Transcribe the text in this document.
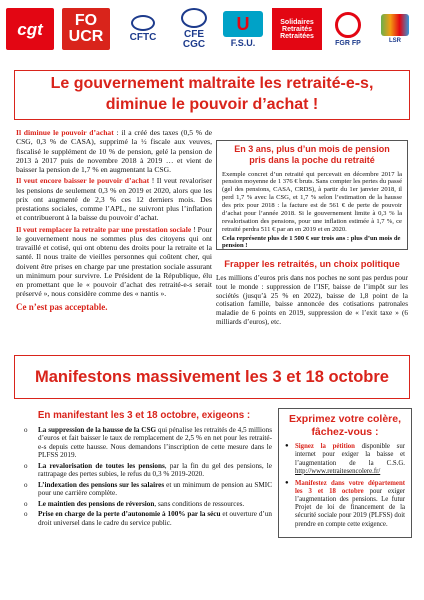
cgt	FO UCR	CFTC	CFE CGC
U
F.S.U.
Solidaires Retraités Retraitées
FGR FP	LSR
Le gouvernement maltraite les retraité-e-s,
diminue le pouvoir d’achat !

Il diminue le pouvoir d’achat : il a créé des taxes (0,5 % de CSG, 0,3 % de CASA), supprimé la ½ fiscale aux veuves, fiscalisé le supplément de 10 % de pension, gelé la pension de 2013 à 2017 puis de novembre 2018 à 2019 … et vient de baisser la pension de 1,7 % en augmentant la CSG.

Il veut encore baisser le pouvoir d’achat ! Il veut revaloriser les pensions de seulement 0,3 % en 2019 et 2020, alors que les prix ont augmenté de 2,3 % ces 12 derniers mois. Des prestations sociales, comme l’APL, ne suivront plus l’inflation et contribueront à la baisse du pouvoir d’achat.

Il veut remplacer la retraite par une prestation sociale ! Pour le gouvernement nous ne sommes plus des citoyens qui ont travaillé et cotisé, qui ont obtenu des droits pour la retraite et la santé. Il nous traite de vieilles personnes qui coûtent cher, qui doivent être prises en charge par une prestation sociale assurant un minimum pour survivre. Le Président de la République, élu en promettant que le « pouvoir d’achat des retraité-e-s serait préservé », nous considère comme des « nantis ».

Ce n’est pas acceptable.
En 3 ans, plus d’un mois de pension
pris dans la poche du retraité
Exemple concret d’un retraité qui percevait en décembre 2017 la pension moyenne de 1 376 € bruts. Sans compter les pertes du passé (gel des pensions, CASA, CRDS), à partir du 1er janvier 2018, il perd 1,7 % avec la CSG, et 1,7 % selon l’estimation de la hausse des prix pour 2018 : la facture est de 561 € de perte de pouvoir d’achat pour l’année 2018. Si le gouvernement limite à 0,3 % la revalorisation des pensions, pour une inflation estimée à 1,7 %, ce retraité perdra 511 € par an en 2019 et en 2020.
Cela représente plus de 1 500 € sur trois ans : plus d’un mois de pension !
Frapper les retraités, un choix politique
Les millions d’euros pris dans nos poches ne sont pas perdus pour tout le monde : suppression de l’ISF, baisse de l’impôt sur les sociétés (jusqu’à 25 % en 2022), baisse de 1,8 point de la cotisation famille, baisse annoncée des cotisations patronales maladie de 6 points en 2019, suppression de « l’exit taxe » (6 milliards d’euros), etc.
Manifestons massivement les 3 et 18 octobre
En manifestant les 3 et 18 octobre, exigeons :
o	La suppression de la hausse de la CSG qui pénalise les retraités de 4,5 millions d’euros et fait baisser le taux de remplacement de 2,5 % en net pour les retraité-e-s depuis cette hausse. Nous demandons l’inscription de cette mesure dans le PLFSS 2019.
o	La revalorisation de toutes les pensions, par la fin du gel des pensions, le rattrapage des pertes subies, le refus du 0,3 % 2019-2020.
o	L’indexation des pensions sur les salaires et un minimum de pension au SMIC pour une carrière complète.
o	Le maintien des pensions de réversion, sans conditions de ressources.
o	Prise en charge de la perte d’autonomie à 100% par la sécu et ouverture d’un droit universel dans le cadre du service public.
Exprimez votre colère,
fâchez-vous :
● Signez la pétition disponible sur internet pour exiger la baisse et l’augmentation de la C.S.G. http://www.retraitesencolere.fr/
● Manifestez dans votre département les 3 et 18 octobre pour exiger l’augmentation des pensions. Le futur Projet de loi de financement de la sécurité sociale pour 2019 (PLFSS) doit prendre en compte cette exigence.
